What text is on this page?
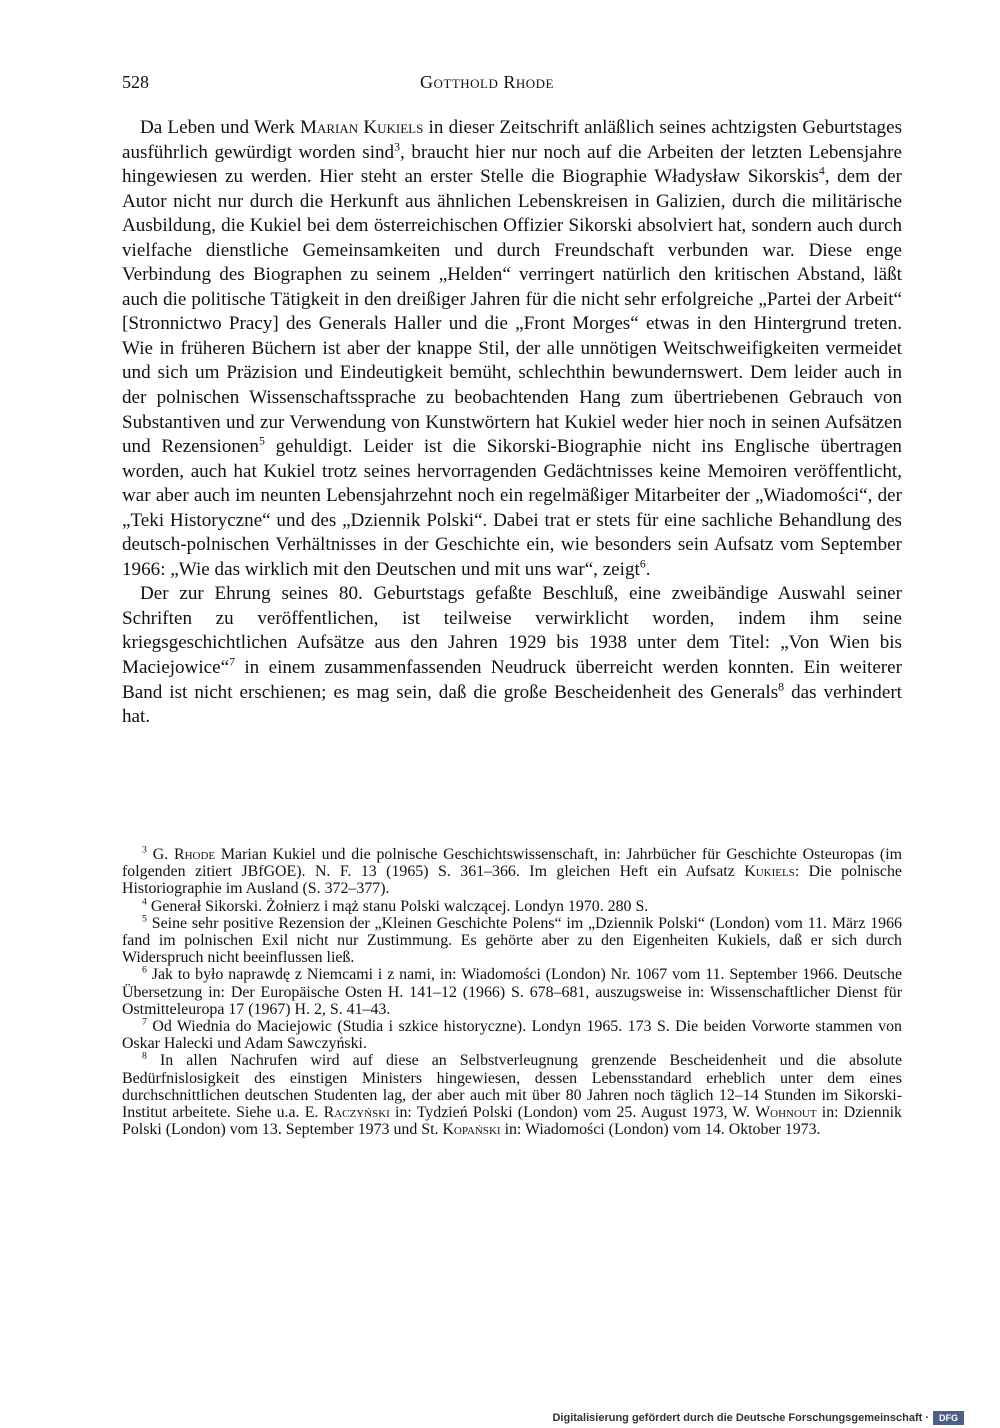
528	Gotthold Rhode

Da Leben und Werk Marian Kukiels in dieser Zeitschrift anläßlich seines achtzigsten Geburtstages ausführlich gewürdigt worden sind$^3$, braucht hier nur noch auf die Arbeiten der letzten Lebensjahre hingewiesen zu werden. Hier steht an erster Stelle die Biographie Władysław Sikorskis$^4$, dem der Autor nicht nur durch die Herkunft aus ähnlichen Lebenskreisen in Galizien, durch die militärische Ausbildung, die Kukiel bei dem österreichischen Offizier Sikorski absolviert hat, sondern auch durch vielfache dienstliche Gemeinsamkeiten und durch Freundschaft verbunden war. Diese enge Verbindung des Biographen zu seinem „Helden“ verringert natürlich den kritischen Abstand, läßt auch die politische Tätigkeit in den dreißiger Jahren für die nicht sehr erfolgreiche „Partei der Arbeit“ [Stronnictwo Pracy] des Generals Haller und die „Front Morges“ etwas in den Hintergrund treten. Wie in früheren Büchern ist aber der knappe Stil, der alle unnötigen Weitschweifigkeiten vermeidet und sich um Präzision und Eindeutigkeit bemüht, schlechthin bewundernswert. Dem leider auch in der polnischen Wissenschaftssprache zu beobachtenden Hang zum übertriebenen Gebrauch von Substantiven und zur Verwendung von Kunstwörtern hat Kukiel weder hier noch in seinen Aufsätzen und Rezensionen$^5$ gehuldigt. Leider ist die Sikorski-Biographie nicht ins Englische übertragen worden, auch hat Kukiel trotz seines hervorragenden Gedächtnisses keine Memoiren veröffentlicht, war aber auch im neunten Lebensjahrzehnt noch ein regelmäßiger Mitarbeiter der „Wiadomości“, der „Teki Historyczne“ und des „Dziennik Polski“. Dabei trat er stets für eine sachliche Behandlung des deutsch-polnischen Verhältnisses in der Geschichte ein, wie besonders sein Aufsatz vom September 1966: „Wie das wirklich mit den Deutschen und mit uns war“, zeigt$^6$.

Der zur Ehrung seines 80. Geburtstags gefaßte Beschluß, eine zweibändige Auswahl seiner Schriften zu veröffentlichen, ist teilweise verwirklicht worden, indem ihm seine kriegsgeschichtlichen Aufsätze aus den Jahren 1929 bis 1938 unter dem Titel: „Von Wien bis Maciejowice“$^7$ in einem zusammenfassenden Neudruck überreicht werden konnten. Ein weiterer Band ist nicht erschienen; es mag sein, daß die große Bescheidenheit des Generals$^8$ das verhindert hat.

$^3$ G. Rhode Marian Kukiel und die polnische Geschichtswissenschaft, in: Jahrbücher für Geschichte Osteuropas (im folgenden zitiert JBfGOE). N. F. 13 (1965) S. 361–366. Im gleichen Heft ein Aufsatz Kukiels: Die polnische Historiographie im Ausland (S. 372–377).

$^4$ Generał Sikorski. Żołnierz i mąż stanu Polski walczącej. Londyn 1970. 280 S.

$^5$ Seine sehr positive Rezension der „Kleinen Geschichte Polens“ im „Dziennik Polski“ (London) vom 11. März 1966 fand im polnischen Exil nicht nur Zustimmung. Es gehörte aber zu den Eigenheiten Kukiels, daß er sich durch Widerspruch nicht beeinflussen ließ.

$^6$ Jak to było naprawdę z Niemcami i z nami, in: Wiadomości (London) Nr. 1067 vom 11. September 1966. Deutsche Übersetzung in: Der Europäische Osten H. 141–12 (1966) S. 678–681, auszugsweise in: Wissenschaftlicher Dienst für Ostmitteleuropa 17 (1967) H. 2, S. 41–43.

$^7$ Od Wiednia do Maciejowic (Studia i szkice historyczne). Londyn 1965. 173 S. Die beiden Vorworte stammen von Oskar Halecki und Adam Sawczyński.

$^8$ In allen Nachrufen wird auf diese an Selbstverleugnung grenzende Bescheidenheit und die absolute Bedürfnislosigkeit des einstigen Ministers hingewiesen, dessen Lebensstandard erheblich unter dem eines durchschnittlichen deutschen Studenten lag, der aber auch mit über 80 Jahren noch täglich 12–14 Stunden im Sikorski-Institut arbeitete. Siehe u.a. E. Raczyński in: Tydzień Polski (London) vom 25. August 1973, W. Wohnout in: Dziennik Polski (London) vom 13. September 1973 und St. Kopański in: Wiadomości (London) vom 14. Oktober 1973.

Digitalisierung gefördert durch die Deutsche Forschungsgemeinschaft ·	DFG
